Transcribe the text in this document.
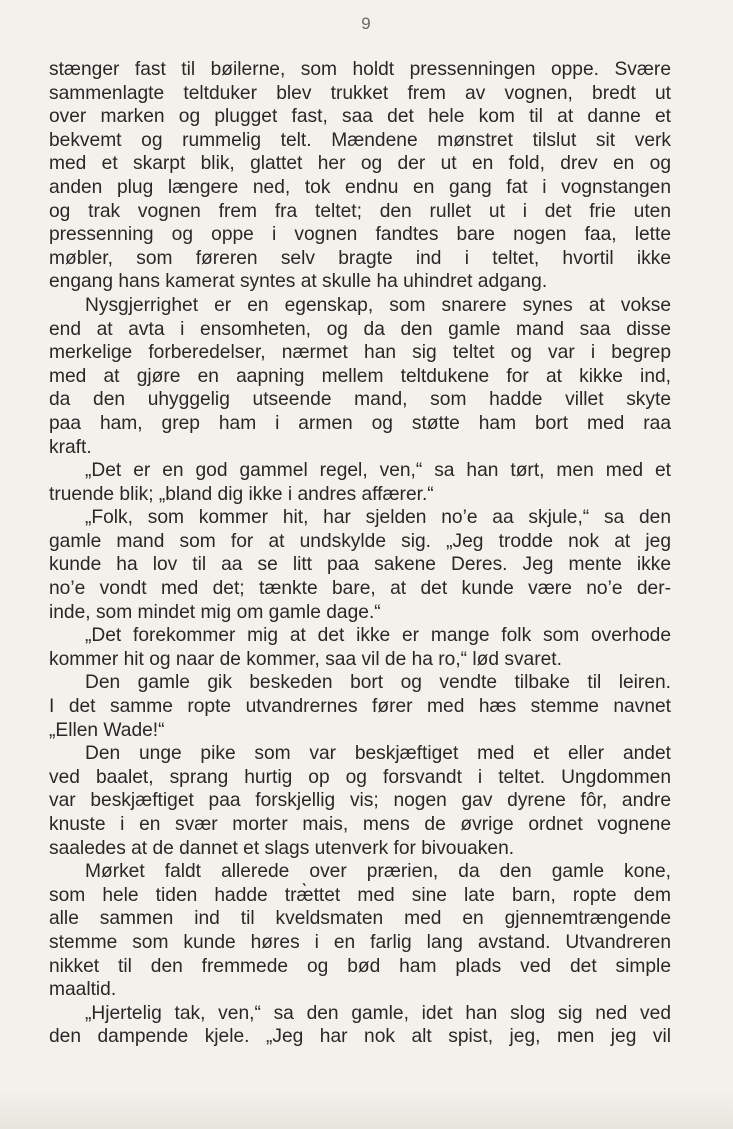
9
stænger fast til bøilerne, som holdt pressenningen oppe. Svære
sammenlagte teltduker blev trukket frem av vognen, bredt ut
over marken og plugget fast, saa det hele kom til at danne et
bekvemt og rummelig telt. Mændene mønstret tilslut sit verk
med et skarpt blik, glattet her og der ut en fold, drev en og
anden plug længere ned, tok endnu en gang fat i vognstangen
og trak vognen frem fra teltet; den rullet ut i det frie uten
pressenning og oppe i vognen fandtes bare nogen faa, lette
møbler, som føreren selv bragte ind i teltet, hvortil ikke
engang hans kamerat syntes at skulle ha uhindret adgang.
Nysgjerrighet er en egenskap, som snarere synes at vokse
end at avta i ensomheten, og da den gamle mand saa disse
merkelige forberedelser, nærmet han sig teltet og var i begrep
med at gjøre en aapning mellem teltdukene for at kikke ind,
da den uhyggelig utseende mand, som hadde villet skyte
paa ham, grep ham i armen og støtte ham bort med raa
kraft.
„Det er en god gammel regel, ven,“ sa han tørt, men med et
truende blik; „bland dig ikke i andres affærer.“
„Folk, som kommer hit, har sjelden no’e aa skjule,“ sa den
gamle mand som for at undskylde sig. „Jeg trodde nok at jeg
kunde ha lov til aa se litt paa sakene Deres. Jeg mente ikke
no’e vondt med det; tænkte bare, at det kunde være no’e der-
inde, som mindet mig om gamle dage.“
„Det forekommer mig at det ikke er mange folk som overhode
kommer hit og naar de kommer, saa vil de ha ro,“ lød svaret.
Den gamle gik beskeden bort og vendte tilbake til leiren.
I det samme ropte utvandrernes fører med hæs stemme navnet
„Ellen Wade!“
Den unge pike som var beskjæftiget med et eller andet
ved baalet, sprang hurtig op og forsvandt i teltet. Ungdommen
var beskjæftiget paa forskjellig vis; nogen gav dyrene fôr, andre
knuste i en svær morter mais, mens de øvrige ordnet vognene
saaledes at de dannet et slags utenverk for bivouaken.
Mørket faldt allerede over prærien, da den gamle kone,
som hele tiden hadde træ̀ttet med sine late barn, ropte dem
alle sammen ind til kveldsmaten med en gjennemtrængende
stemme som kunde høres i en farlig lang avstand. Utvandreren
nikket til den fremmede og bød ham plads ved det simple
maaltid.
„Hjertelig tak, ven,“ sa den gamle, idet han slog sig ned ved
den dampende kjele. „Jeg har nok alt spist, jeg, men jeg vil
